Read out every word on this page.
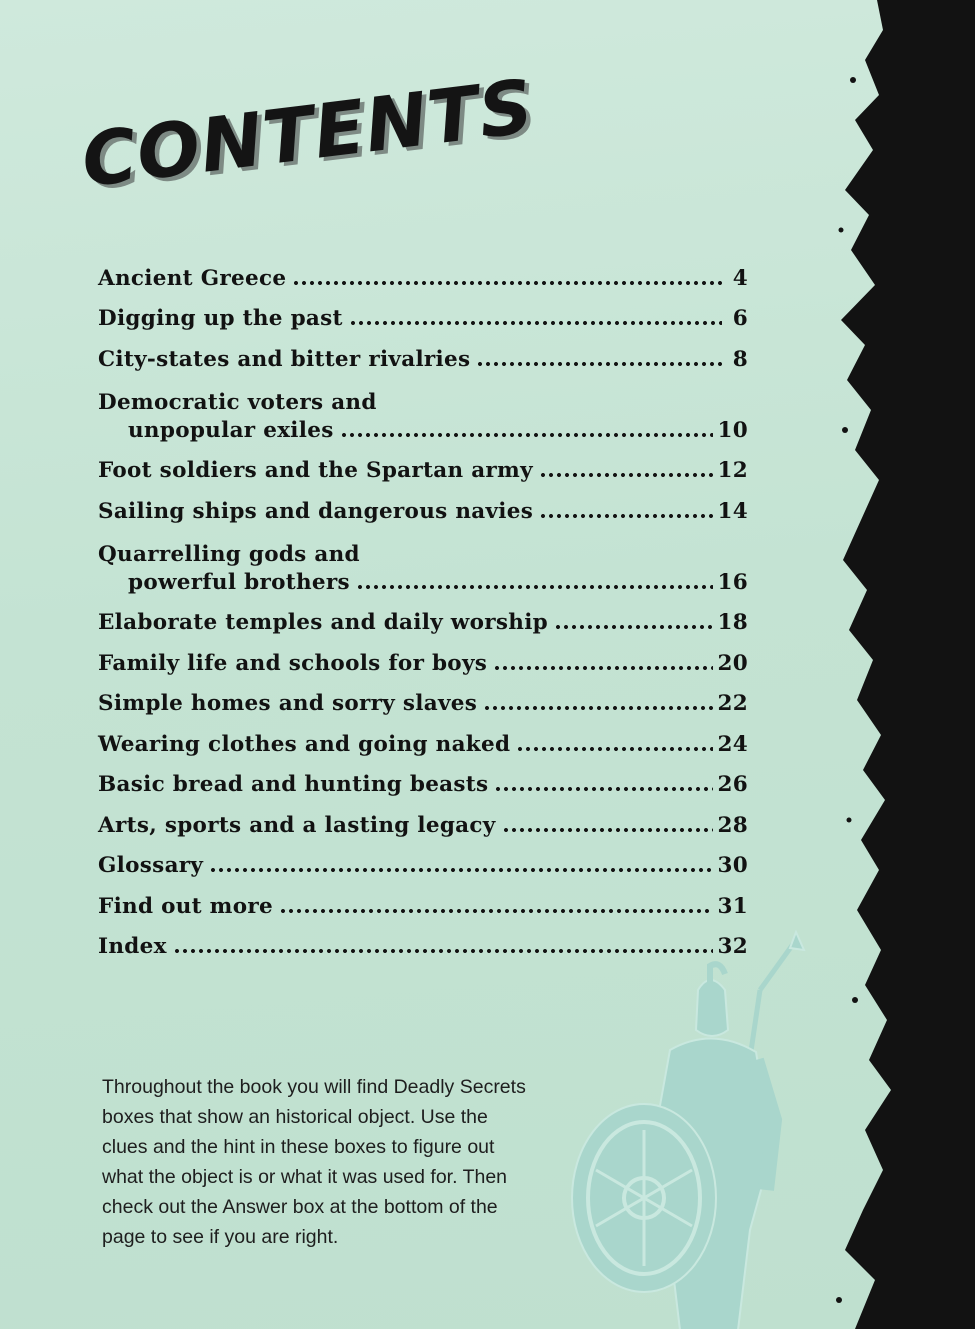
CONTENTS
Ancient Greece	4
Digging up the past	6
City-states and bitter rivalries	8
Democratic voters and
unpopular exiles	10
Foot soldiers and the Spartan army	12
Sailing ships and dangerous navies	14
Quarrelling gods and
powerful brothers	16
Elaborate temples and daily worship	18
Family life and schools for boys	20
Simple homes and sorry slaves	22
Wearing clothes and going naked	24
Basic bread and hunting beasts	26
Arts, sports and a lasting legacy	28
Glossary	30
Find out more	31
Index	32
Throughout the book you will find Deadly Secrets boxes that show an historical object. Use the clues and the hint in these boxes to figure out what the object is or what it was used for. Then check out the Answer box at the bottom of the page to see if you are right.
